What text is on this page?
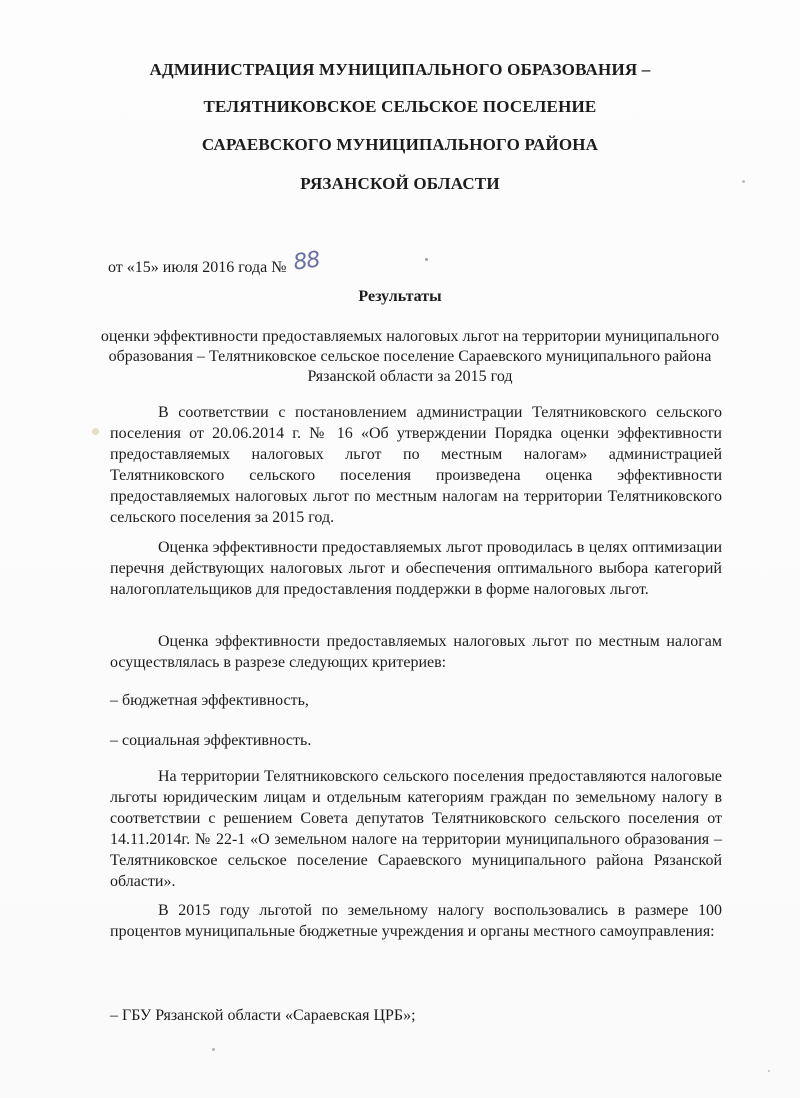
АДМИНИСТРАЦИЯ МУНИЦИПАЛЬНОГО ОБРАЗОВАНИЯ –
ТЕЛЯТНИКОВСКОЕ СЕЛЬСКОЕ ПОСЕЛЕНИЕ
САРАЕВСКОГО МУНИЦИПАЛЬНОГО РАЙОНА
РЯЗАНСКОЙ ОБЛАСТИ
от «15» июля 2016 года № 88
Результаты
оценки эффективности предоставляемых налоговых льгот на территории муниципального образования – Телятниковское сельское поселение Сараевского муниципального района Рязанской области за 2015 год
В соответствии с постановлением администрации Телятниковского сельского поселения от 20.06.2014 г. № 16 «Об утверждении Порядка оценки эффективности предоставляемых налоговых льгот по местным налогам» администрацией Телятниковского сельского поселения произведена оценка эффективности предоставляемых налоговых льгот по местным налогам на территории Телятниковского сельского поселения за 2015 год.
Оценка эффективности предоставляемых льгот проводилась в целях оптимизации перечня действующих налоговых льгот и обеспечения оптимального выбора категорий налогоплательщиков для предоставления поддержки в форме налоговых льгот.
Оценка эффективности предоставляемых налоговых льгот по местным налогам осуществлялась в разрезе следующих критериев:
– бюджетная эффективность,
– социальная эффективность.
На территории Телятниковского сельского поселения предоставляются налоговые льготы юридическим лицам и отдельным категориям граждан по земельному налогу в соответствии с решением Совета депутатов Телятниковского сельского поселения от 14.11.2014г. № 22-1 «О земельном налоге на территории муниципального образования – Телятниковское сельское поселение Сараевского муниципального района Рязанской области».
В 2015 году льготой по земельному налогу воспользовались в размере 100 процентов муниципальные бюджетные учреждения и органы местного самоуправления:
– ГБУ Рязанской области «Сараевская ЦРБ»;
